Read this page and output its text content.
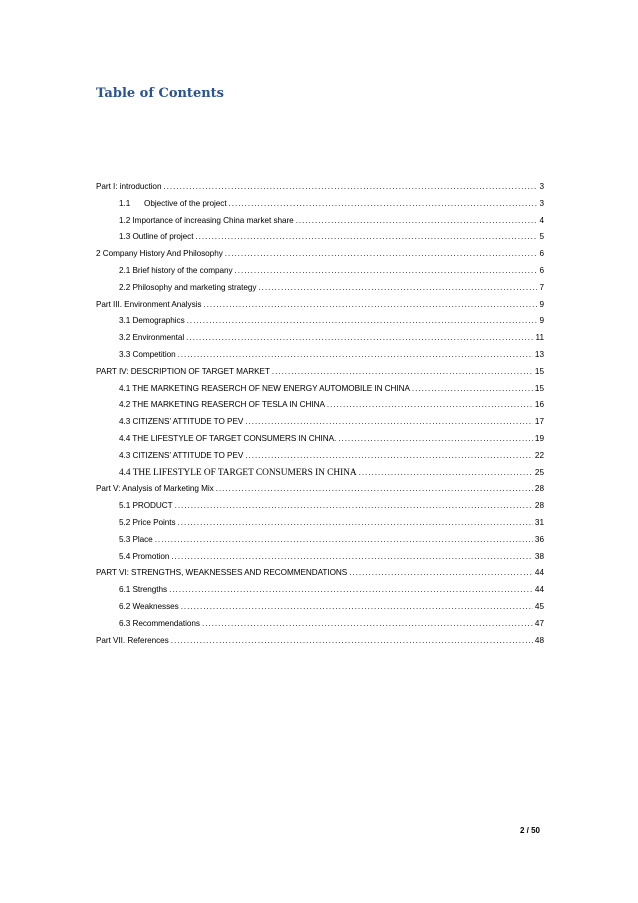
Table of Contents
Part I: introduction .....	3
1.1 Objective of the project .....	3
1.2 Importance of increasing China market share .....	4
1.3 Outline of project .....	5
2 Company History And Philosophy .....	6
2.1 Brief history of the company .....	6
2.2 Philosophy and marketing strategy .....	7
Part III. Environment Analysis .....	9
3.1 Demographics .....	9
3.2 Environmental .....	11
3.3 Competition .....	13
PART IV: DESCRIPTION OF TARGET MARKET .....	15
4.1 THE MARKETING REASERCH OF NEW ENERGY AUTOMOBILE IN CHINA .....	15
4.2 THE MARKETING REASERCH OF TESLA IN CHINA .....	16
4.3 CITIZENS’ ATTITUDE TO PEV .....	17
4.4 THE LIFESTYLE OF TARGET CONSUMERS IN CHINA. .....	19
4.3 CITIZENS’ ATTITUDE TO PEV .....	22
4.4 THE LIFESTYLE OF TARGET CONSUMERS IN CHINA .....	25
Part V: Analysis of Marketing Mix .....	28
5.1 PRODUCT .....	28
5.2 Price Points .....	31
5.3 Place .....	36
5.4 Promotion .....	38
PART VI: STRENGTHS, WEAKNESSES AND RECOMMENDATIONS .....	44
6.1 Strengths .....	44
6.2 Weaknesses .....	45
6.3 Recommendations .....	47
Part VII. References .....	48
2 / 50
